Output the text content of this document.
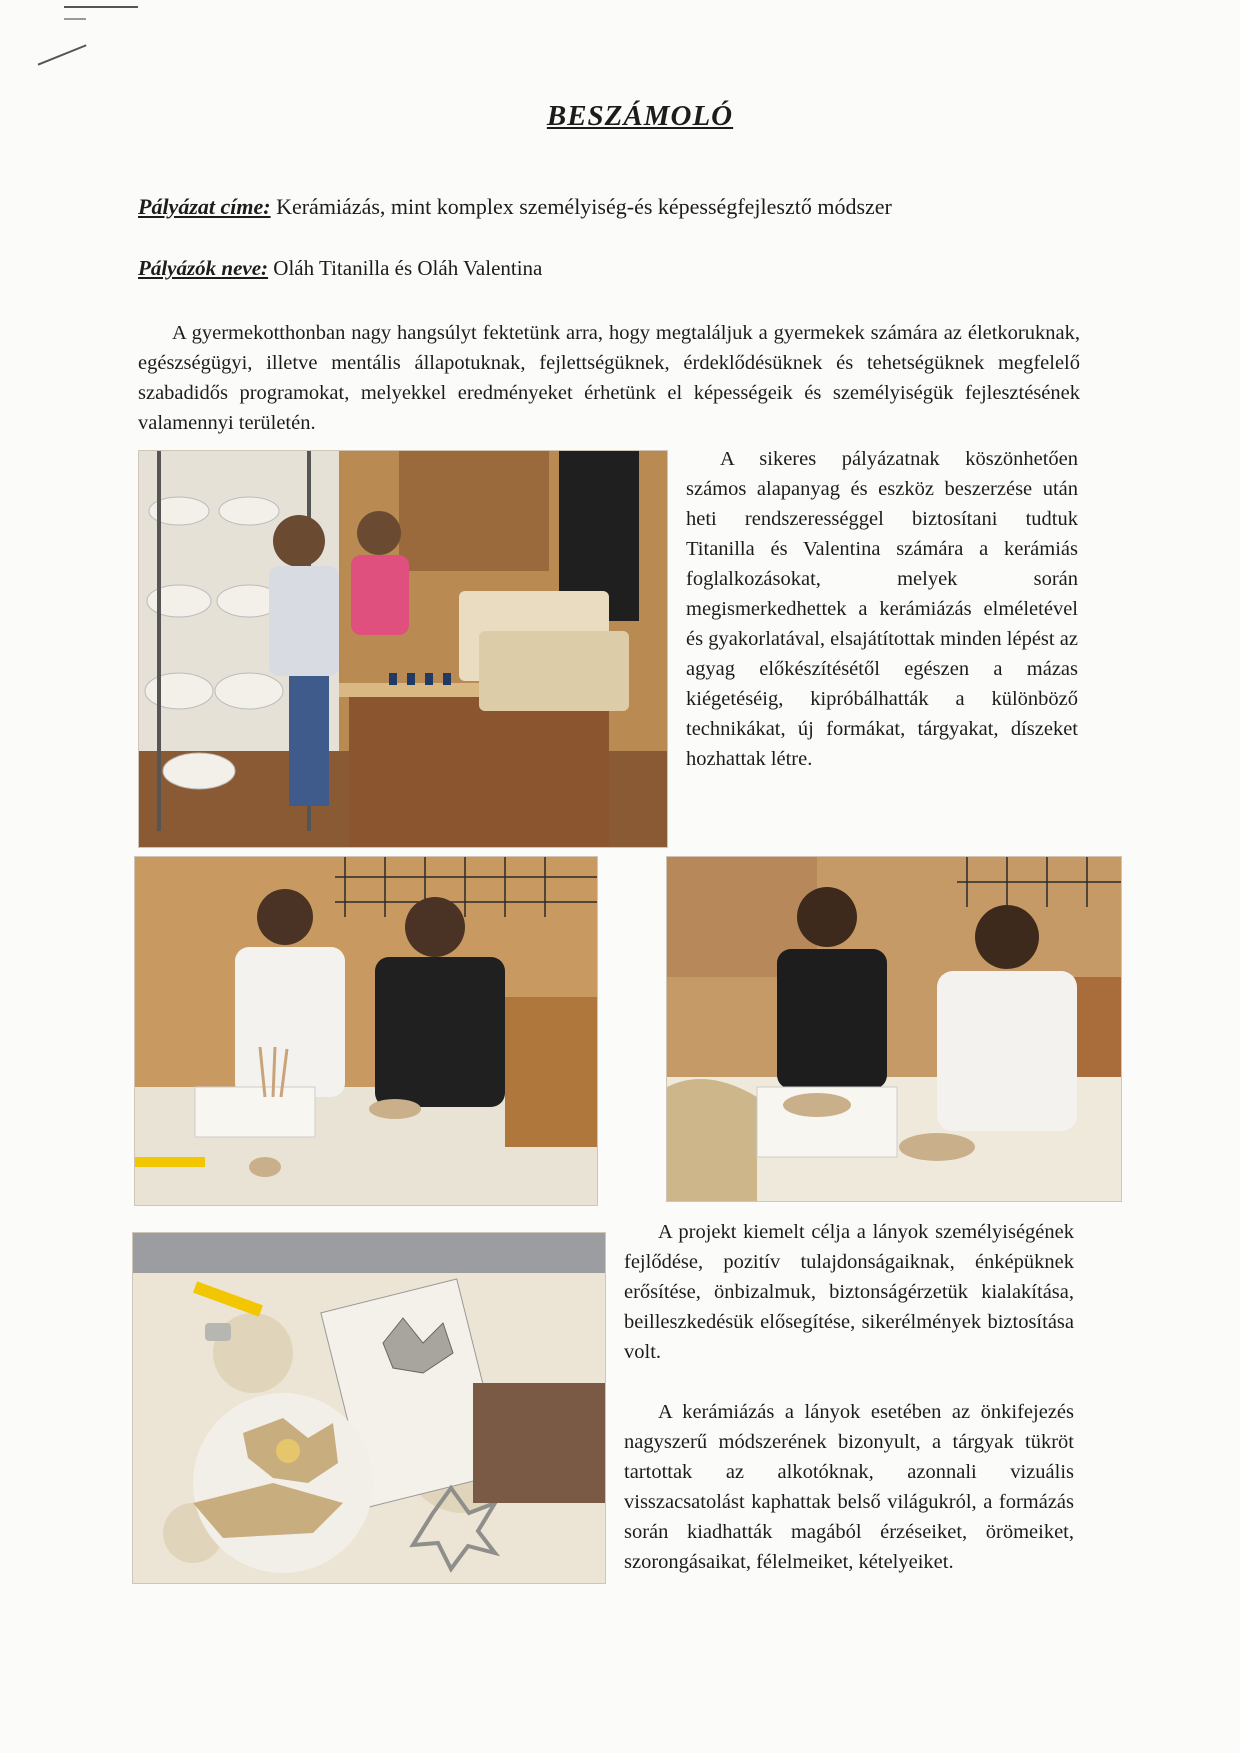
BESZÁMOLÓ
Pályázat címe: Kerámiázás, mint komplex személyiség-és képességfejlesztő módszer
Pályázók neve: Oláh Titanilla és Oláh Valentina

A gyermekotthonban nagy hangsúlyt fektetünk arra, hogy megtaláljuk a gyermekek számára az életkoruknak, egészségügyi, illetve mentális állapotuknak, fejlettségüknek, érdeklődésüknek és tehetségüknek megfelelő szabadidős programokat, melyekkel eredményeket érhetünk el képességeik és személyiségük fejlesztésének valamennyi területén.

A sikeres pályázatnak köszönhetően számos alapanyag és eszköz beszerzése után heti rendszerességgel biztosítani tudtuk Titanilla és Valentina számára a kerámiás foglalkozásokat, melyek során megismerkedhettek a kerámiázás elméletével és gyakorlatával, elsajátítottak minden lépést az agyag előkészítésétől egészen a mázas kiégetéséig, kipróbálhatták a különböző technikákat, új formákat, tárgyakat, díszeket hozhattak létre.

A projekt kiemelt célja a lányok személyiségének fejlődése, pozitív tulajdonságaiknak, énképüknek erősítése, önbizalmuk, biztonságérzetük kialakítása, beilleszkedésük elősegítése, sikerélmények biztosítása volt.

A kerámiázás a lányok esetében az önkifejezés nagyszerű módszerének bizonyult, a tárgyak tükröt tartottak az alkotóknak, azonnali vizuális visszacsatolást kaphattak belső világukról, a formázás során kiadhatták magából érzéseiket, örömeiket, szorongásaikat, félelmeiket, kételyeiket.
